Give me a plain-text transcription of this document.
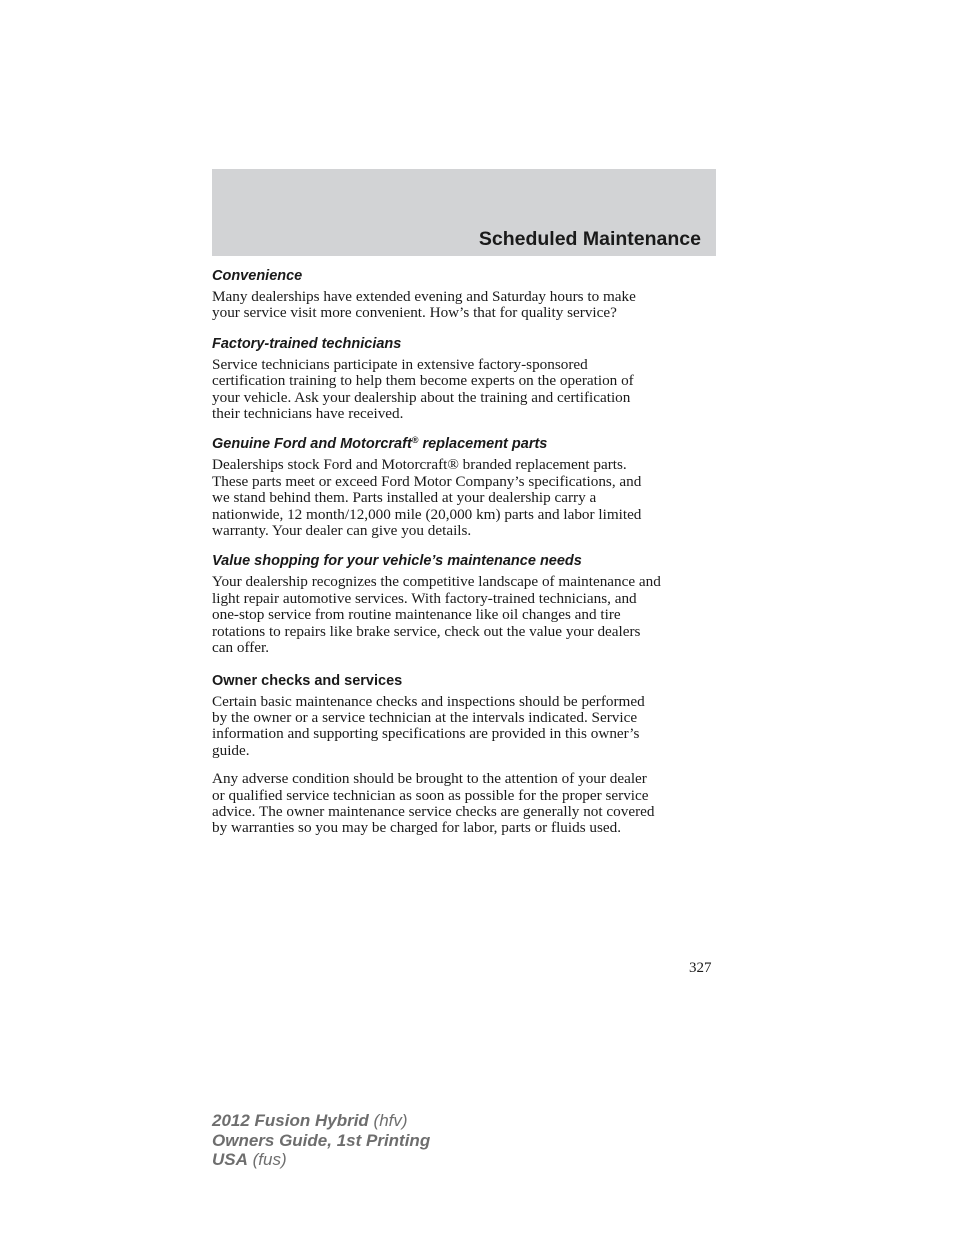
Scheduled Maintenance
Convenience

Many dealerships have extended evening and Saturday hours to make
your service visit more convenient. How’s that for quality service?

Factory-trained technicians

Service technicians participate in extensive factory-sponsored
certification training to help them become experts on the operation of
your vehicle. Ask your dealership about the training and certification
their technicians have received.

Genuine Ford and Motorcraft® replacement parts

Dealerships stock Ford and Motorcraft® branded replacement parts.
These parts meet or exceed Ford Motor Company’s specifications, and
we stand behind them. Parts installed at your dealership carry a
nationwide, 12 month/12,000 mile (20,000 km) parts and labor limited
warranty. Your dealer can give you details.

Value shopping for your vehicle’s maintenance needs

Your dealership recognizes the competitive landscape of maintenance and
light repair automotive services. With factory-trained technicians, and
one-stop service from routine maintenance like oil changes and tire
rotations to repairs like brake service, check out the value your dealers
can offer.

Owner checks and services

Certain basic maintenance checks and inspections should be performed
by the owner or a service technician at the intervals indicated. Service
information and supporting specifications are provided in this owner’s
guide.

Any adverse condition should be brought to the attention of your dealer
or qualified service technician as soon as possible for the proper service
advice. The owner maintenance service checks are generally not covered
by warranties so you may be charged for labor, parts or fluids used.

327
2012 Fusion Hybrid (hfv)
Owners Guide, 1st Printing
USA (fus)
